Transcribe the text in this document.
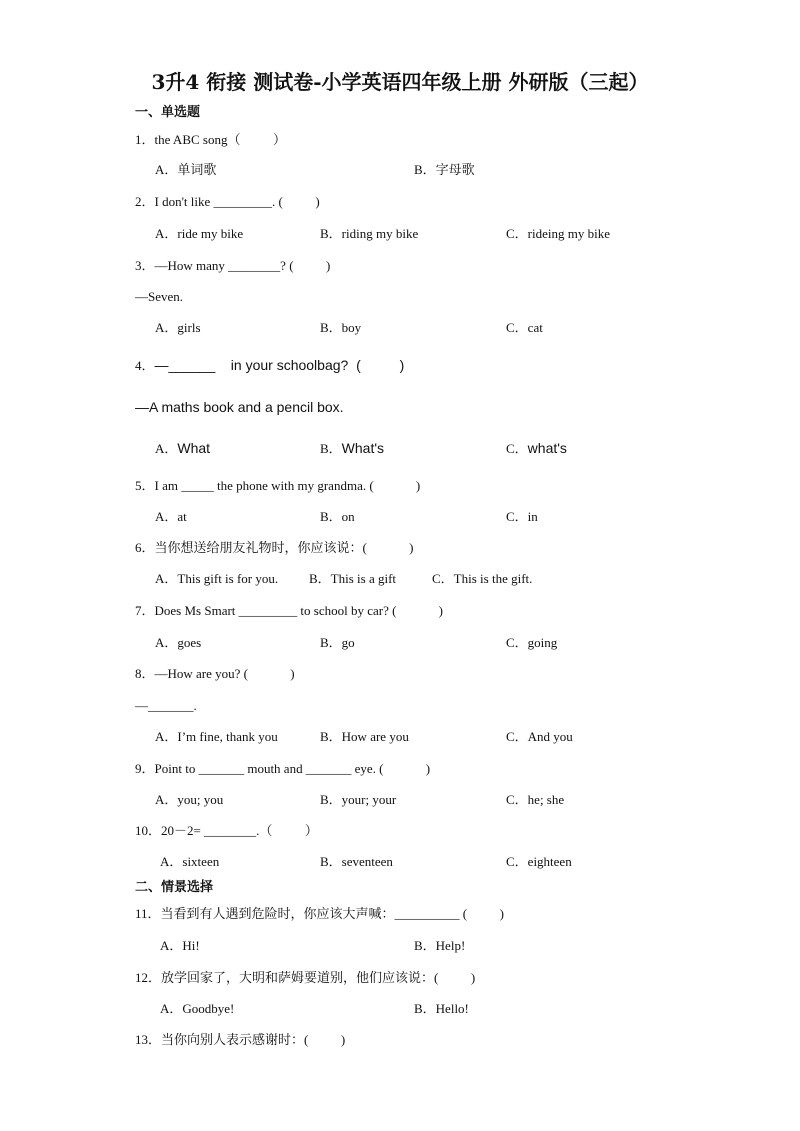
3升4 衔接 测试卷-小学英语四年级上册 外研版（三起）
一、单选题
1．the ABC song（          ）
A．单词歌	B．字母歌
2．I don't like _________. (          )
A．ride my bike	B．riding my bike	C．rideing my bike
3．—How many ________? (          )
—Seven.
A．girls	B．boy	C．cat
4．—______    in your schoolbag?  (          )
—A maths book and a pencil box.
A．What	B．What's	C．what's
5．I am _____ the phone with my grandma. (             )
A．at	B．on	C．in
6．当你想送给朋友礼物时，你应该说：(             )
A．This gift is for you. B．This is a gift	C．This is the gift.
7．Does Ms Smart _________ to school by car? (             )
A．goes	B．go	C．going
8．—How are you? (             )
—_______.
A．I’m fine, thank you	B．How are you	C．And you
9．Point to _______ mouth and _______ eye. (             )
A．you; you	B．your; your	C．he; she
10．20－2= ________.（          ）
A．sixteen	B．seventeen	C．eighteen
二、情景选择
11．当看到有人遇到危险时，你应该大声喊：__________ (          )
A．Hi!	B．Help!
12．放学回家了，大明和萨姆要道别，他们应该说：(          )
A．Goodbye!	B．Hello!
13．当你向别人表示感谢时：(          )
